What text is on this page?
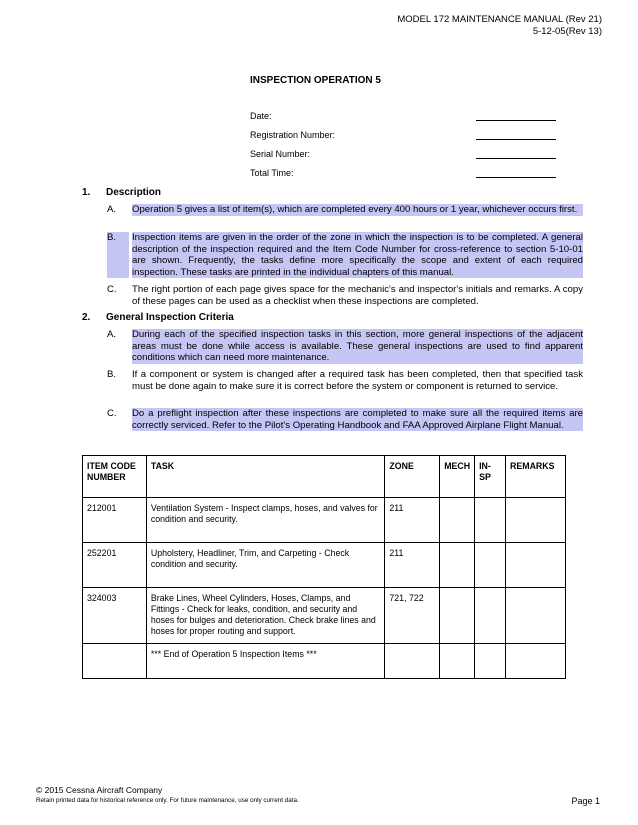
MODEL 172 MAINTENANCE MANUAL (Rev 21)
5-12-05(Rev 13)
INSPECTION OPERATION 5
Date:
Registration Number:
Serial Number:
Total Time:
1. Description
A.	Operation 5 gives a list of item(s), which are completed every 400 hours or 1 year, whichever occurs first.
B.	Inspection items are given in the order of the zone in which the inspection is to be completed. A general description of the inspection required and the Item Code Number for cross-reference to section 5-10-01 are shown. Frequently, the tasks define more specifically the scope and extent of each required inspection. These tasks are printed in the individual chapters of this manual.
C.	The right portion of each page gives space for the mechanic's and inspector's initials and remarks. A copy of these pages can be used as a checklist when these inspections are completed.
2. General Inspection Criteria
A.	During each of the specified inspection tasks in this section, more general inspections of the adjacent areas must be done while access is available. These general inspections are used to find apparent conditions which can need more maintenance.
B.	If a component or system is changed after a required task has been completed, then that specified task must be done again to make sure it is correct before the system or component is returned to service.
C.	Do a preflight inspection after these inspections are completed to make sure all the required items are correctly serviced. Refer to the Pilot's Operating Handbook and FAA Approved Airplane Flight Manual.
ITEM CODE NUMBER	TASK	ZONE	MECH	IN-SP	REMARKS
212001	Ventilation System - Inspect clamps, hoses, and valves for condition and security.	211			
252201	Upholstery, Headliner, Trim, and Carpeting - Check condition and security.	211			
324003	Brake Lines, Wheel Cylinders, Hoses, Clamps, and Fittings - Check for leaks, condition, and security and hoses for bulges and deterioration. Check brake lines and hoses for proper routing and support.	721, 722			
	*** End of Operation 5 Inspection Items ***				
© 2015 Cessna Aircraft Company
Retain printed data for historical reference only. For future maintenance, use only current data.	Page 1
